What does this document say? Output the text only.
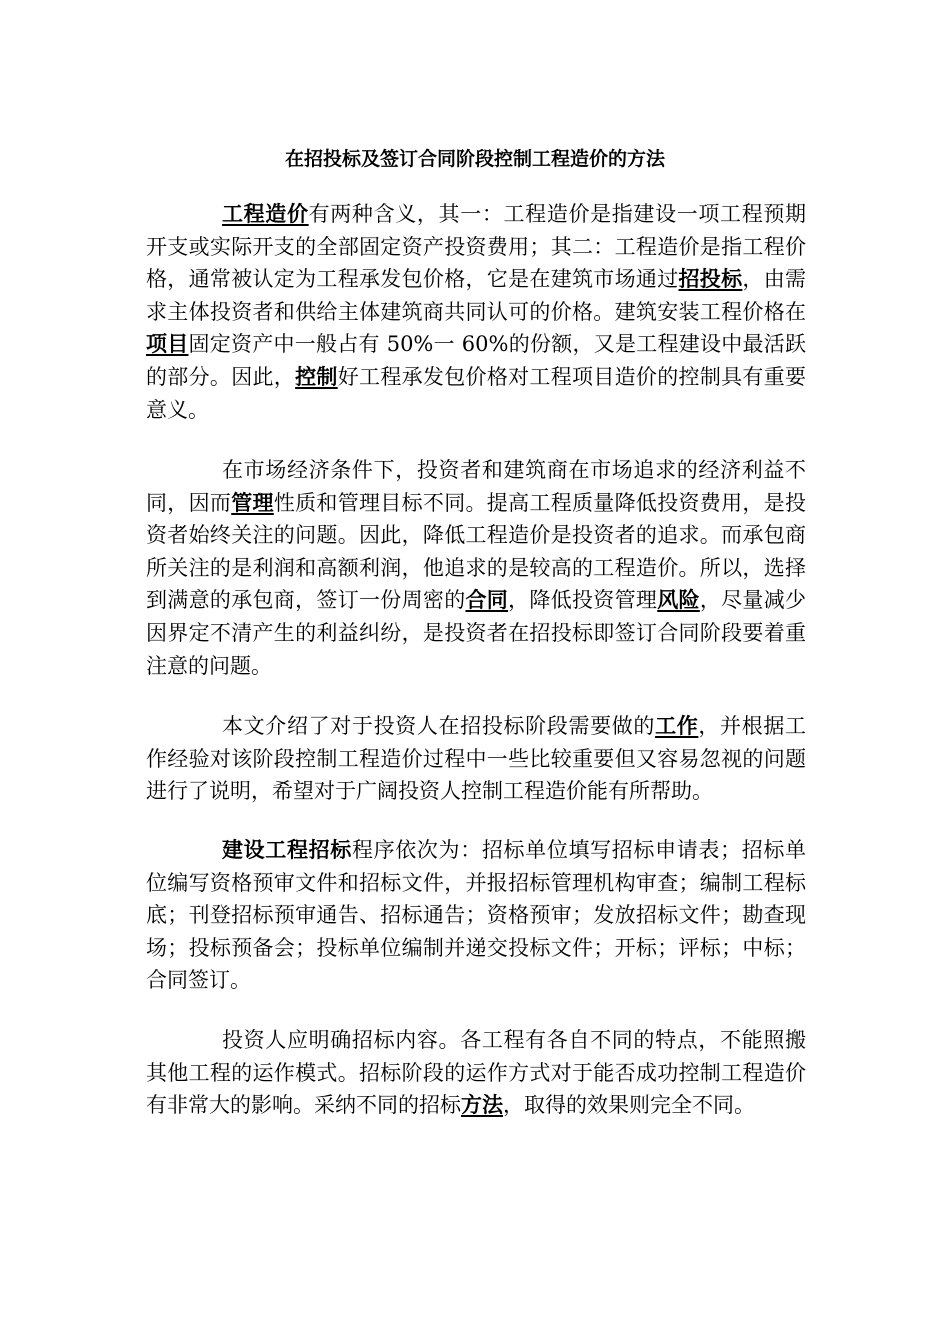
在招投标及签订合同阶段控制工程造价的方法

工程造价有两种含义，其一：工程造价是指建设一项工程预期开支或实际开支的全部固定资产投资费用；其二：工程造价是指工程价格，通常被认定为工程承发包价格，它是在建筑市场通过招投标，由需求主体投资者和供给主体建筑商共同认可的价格。建筑安装工程价格在项目固定资产中一般占有 50%一 60%的份额，又是工程建设中最活跃的部分。因此，控制好工程承发包价格对工程项目造价的控制具有重要意义。

在市场经济条件下，投资者和建筑商在市场追求的经济利益不同，因而管理性质和管理目标不同。提高工程质量降低投资费用，是投资者始终关注的问题。因此，降低工程造价是投资者的追求。而承包商所关注的是利润和高额利润，他追求的是较高的工程造价。所以，选择到满意的承包商，签订一份周密的合同，降低投资管理风险，尽量减少因界定不清产生的利益纠纷，是投资者在招投标即签订合同阶段要着重注意的问题。

本文介绍了对于投资人在招投标阶段需要做的工作，并根据工作经验对该阶段控制工程造价过程中一些比较重要但又容易忽视的问题进行了说明，希望对于广阔投资人控制工程造价能有所帮助。

建设工程招标程序依次为：招标单位填写招标申请表；招标单位编写资格预审文件和招标文件，并报招标管理机构审查；编制工程标底；刊登招标预审通告、招标通告；资格预审；发放招标文件；勘查现场；投标预备会；投标单位编制并递交投标文件；开标；评标；中标；合同签订。

投资人应明确招标内容。各工程有各自不同的特点，不能照搬其他工程的运作模式。招标阶段的运作方式对于能否成功控制工程造价有非常大的影响。采纳不同的招标方法，取得的效果则完全不同。
